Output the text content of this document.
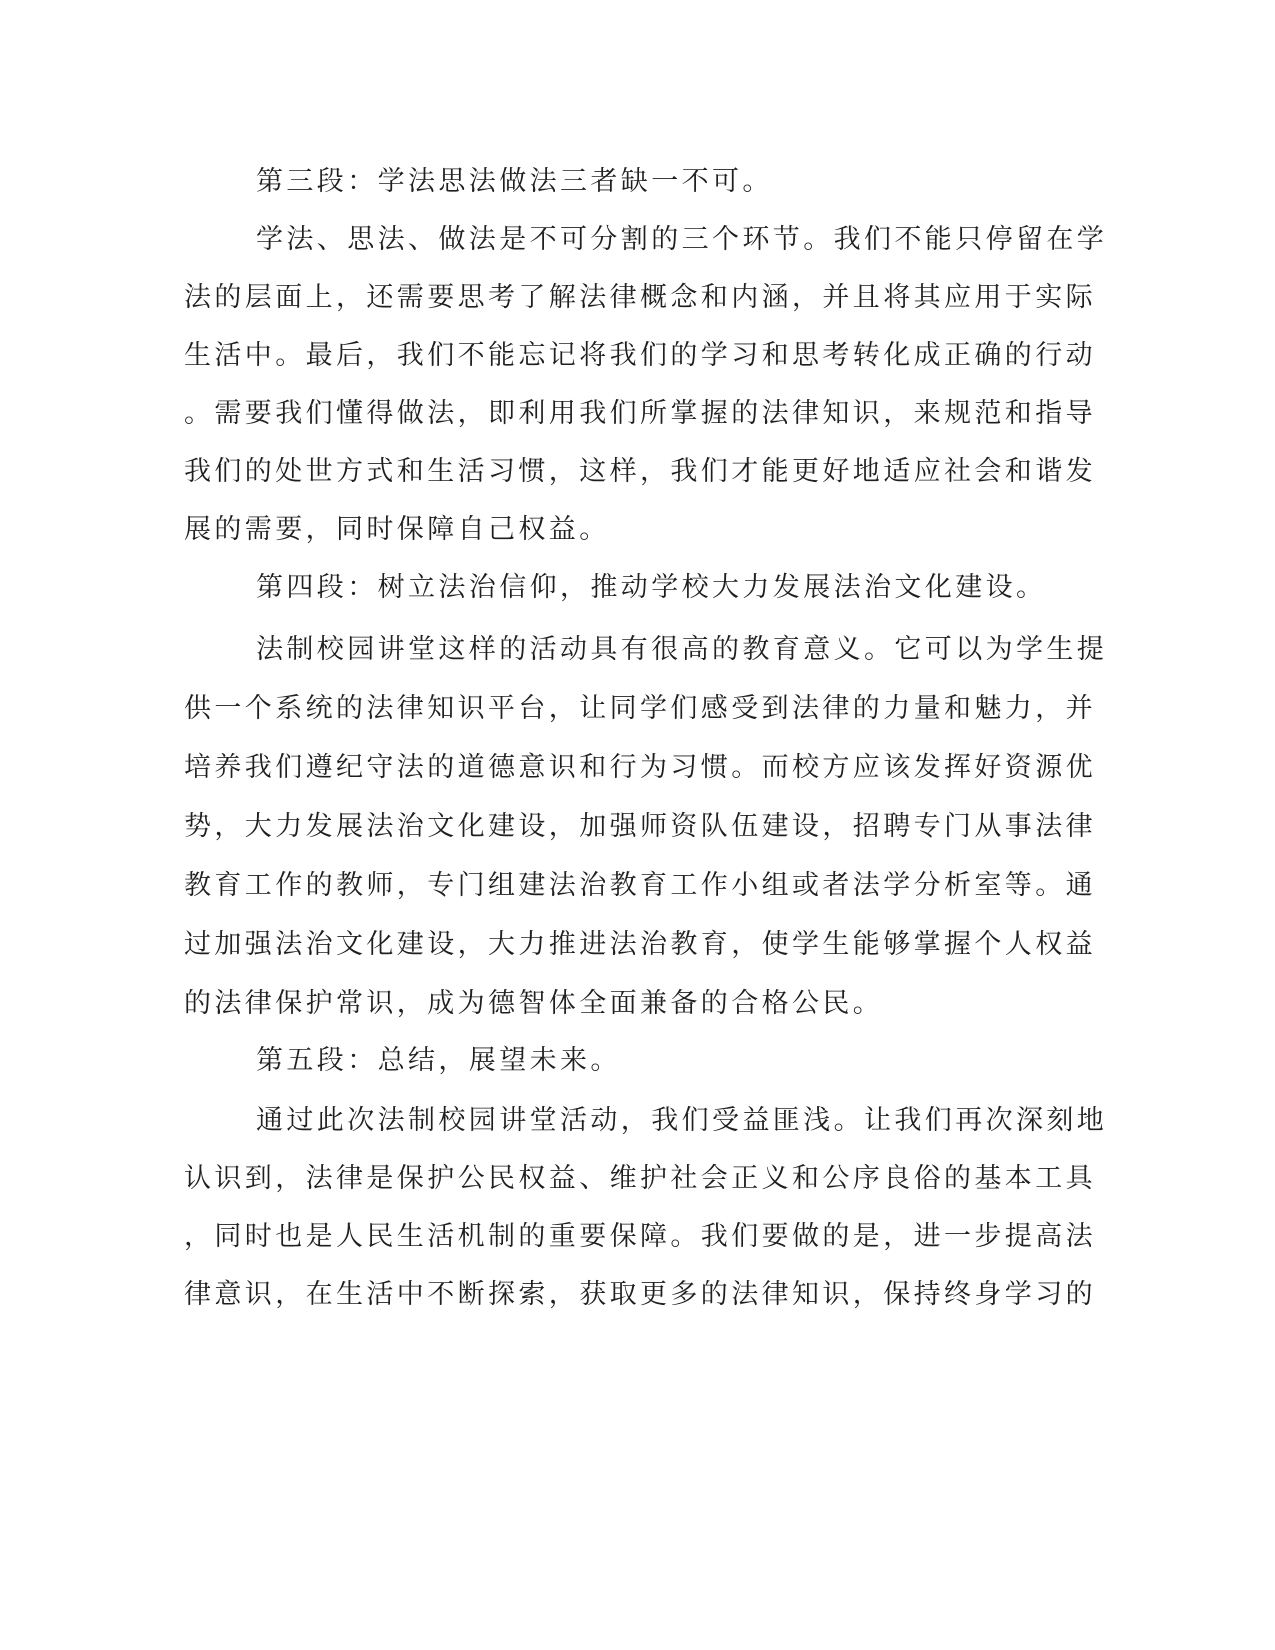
第三段：学法思法做法三者缺一不可。
学法、思法、做法是不可分割的三个环节。我们不能只停留在学
法的层面上，还需要思考了解法律概念和内涵，并且将其应用于实际
生活中。最后，我们不能忘记将我们的学习和思考转化成正确的行动
。需要我们懂得做法，即利用我们所掌握的法律知识，来规范和指导
我们的处世方式和生活习惯，这样，我们才能更好地适应社会和谐发
展的需要，同时保障自己权益。
第四段：树立法治信仰，推动学校大力发展法治文化建设。
法制校园讲堂这样的活动具有很高的教育意义。它可以为学生提
供一个系统的法律知识平台，让同学们感受到法律的力量和魅力，并
培养我们遵纪守法的道德意识和行为习惯。而校方应该发挥好资源优
势，大力发展法治文化建设，加强师资队伍建设，招聘专门从事法律
教育工作的教师，专门组建法治教育工作小组或者法学分析室等。通
过加强法治文化建设，大力推进法治教育，使学生能够掌握个人权益
的法律保护常识，成为德智体全面兼备的合格公民。
第五段：总结，展望未来。
通过此次法制校园讲堂活动，我们受益匪浅。让我们再次深刻地
认识到，法律是保护公民权益、维护社会正义和公序良俗的基本工具
，同时也是人民生活机制的重要保障。我们要做的是，进一步提高法
律意识，在生活中不断探索，获取更多的法律知识，保持终身学习的
